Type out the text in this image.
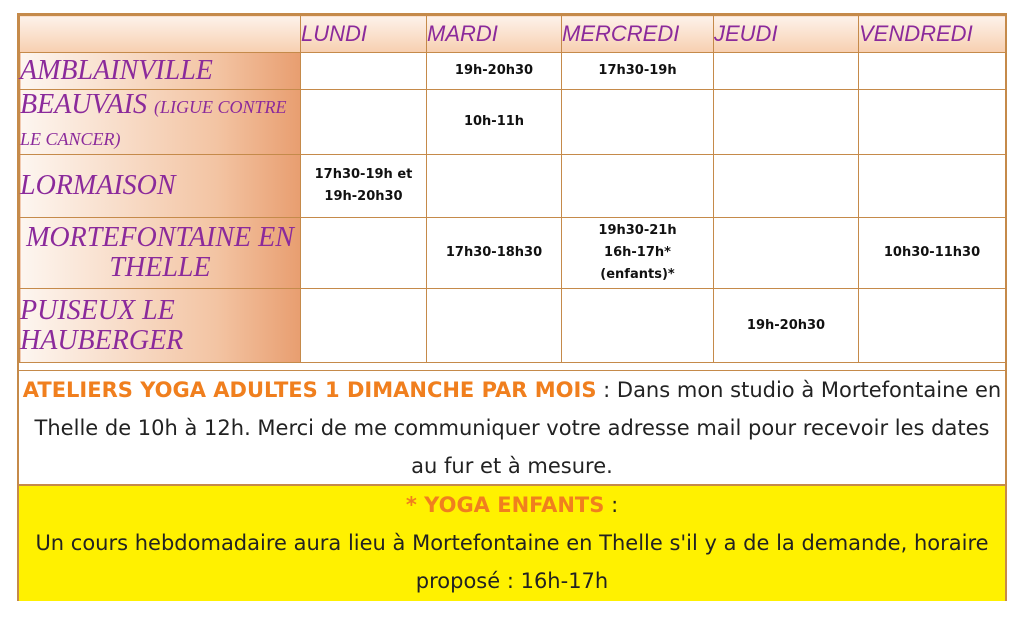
	LUNDI	MARDI	MERCREDI	JEUDI	VENDREDI
AMBLAINVILLE		19h-20h30	17h30-19h		
BEAUVAIS (LIGUE CONTRE LE CANCER)		10h-11h			
LORMAISON	17h30-19h et 19h-20h30				
MORTEFONTAINE EN THELLE		17h30-18h30	19h30-21h 16h-17h* (enfants)*		10h30-11h30
PUISEUX LE HAUBERGER				19h-20h30	
ATELIERS YOGA ADULTES 1 DIMANCHE PAR MOIS : Dans mon studio à Mortefontaine en Thelle de 10h à 12h. Merci de me communiquer votre adresse mail pour recevoir les dates au fur et à mesure.
* YOGA ENFANTS :
Un cours hebdomadaire aura lieu à Mortefontaine en Thelle s'il y a de la demande, horaire proposé : 16h-17h
